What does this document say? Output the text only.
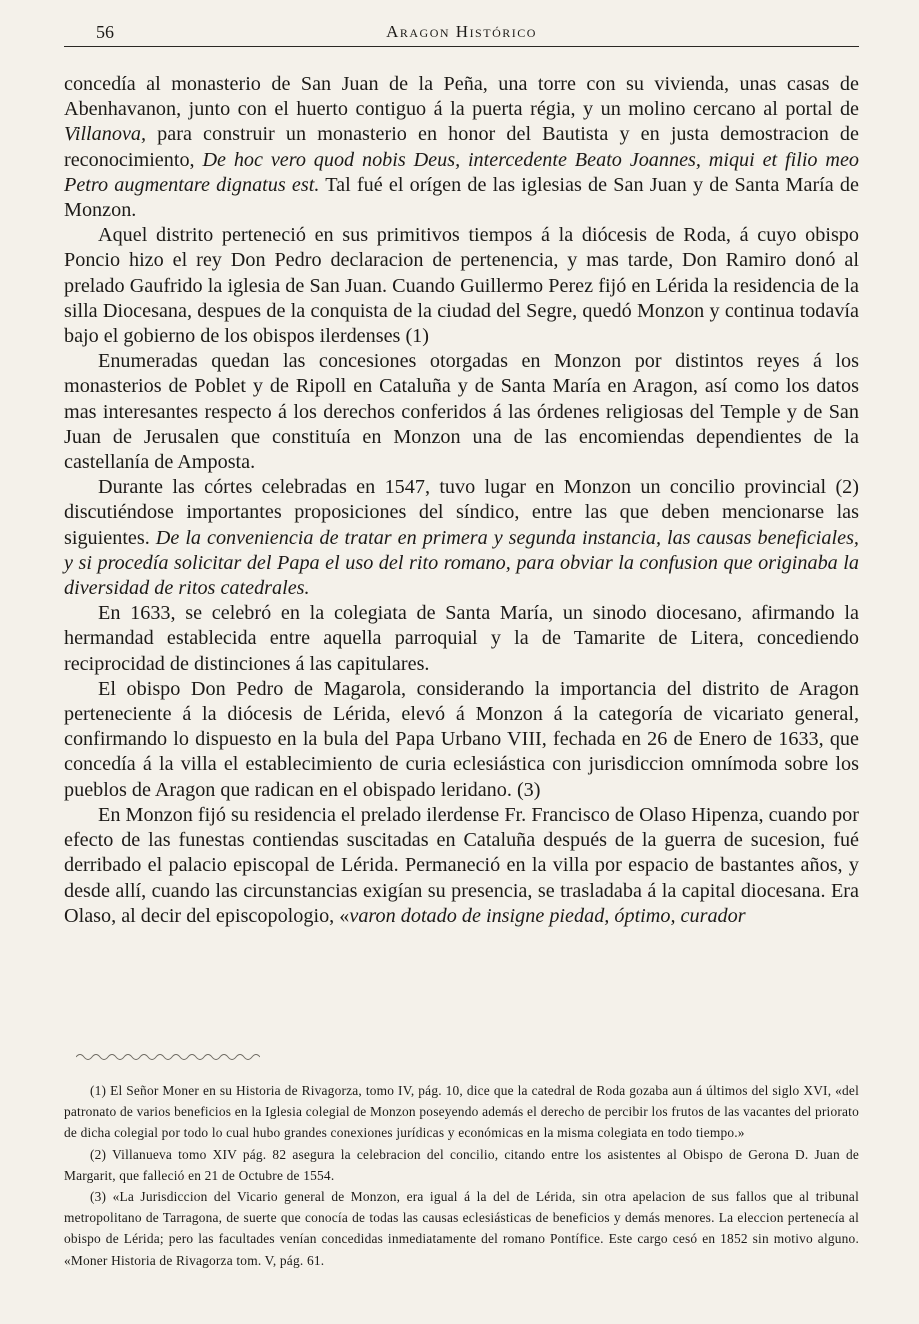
56	Aragon Histórico

concedía al monasterio de San Juan de la Peña, una torre con su vivienda, unas casas de Abenhavanon, junto con el huerto contiguo á la puerta régia, y un molino cercano al portal de Villanova, para construir un monasterio en honor del Bautista y en justa demostracion de reconocimiento, De hoc vero quod nobis Deus, intercedente Beato Joannes, miqui et filio meo Petro augmentare dignatus est. Tal fué el orígen de las iglesias de San Juan y de Santa María de Monzon.

Aquel distrito perteneció en sus primitivos tiempos á la diócesis de Roda, á cuyo obispo Poncio hizo el rey Don Pedro declaracion de pertenencia, y mas tarde, Don Ramiro donó al prelado Gaufrido la iglesia de San Juan. Cuando Guillermo Perez fijó en Lérida la residencia de la silla Diocesana, despues de la conquista de la ciudad del Segre, quedó Monzon y continua todavía bajo el gobierno de los obispos ilerdenses (1)

Enumeradas quedan las concesiones otorgadas en Monzon por distintos reyes á los monasterios de Poblet y de Ripoll en Cataluña y de Santa María en Aragon, así como los datos mas interesantes respecto á los derechos conferidos á las órdenes religiosas del Temple y de San Juan de Jerusalen que constituía en Monzon una de las encomiendas dependientes de la castellanía de Amposta.

Durante las córtes celebradas en 1547, tuvo lugar en Monzon un concilio provincial (2) discutiéndose importantes proposiciones del síndico, entre las que deben mencionarse las siguientes. De la conveniencia de tratar en primera y segunda instancia, las causas beneficiales, y si procedía solicitar del Papa el uso del rito romano, para obviar la confusion que originaba la diversidad de ritos catedrales.

En 1633, se celebró en la colegiata de Santa María, un sinodo diocesano, afirmando la hermandad establecida entre aquella parroquial y la de Tamarite de Litera, concediendo reciprocidad de distinciones á las capitulares.

El obispo Don Pedro de Magarola, considerando la importancia del distrito de Aragon perteneciente á la diócesis de Lérida, elevó á Monzon á la categoría de vicariato general, confirmando lo dispuesto en la bula del Papa Urbano VIII, fechada en 26 de Enero de 1633, que concedía á la villa el establecimiento de curia eclesiástica con jurisdiccion omnímoda sobre los pueblos de Aragon que radican en el obispado leridano. (3)

En Monzon fijó su residencia el prelado ilerdense Fr. Francisco de Olaso Hipenza, cuando por efecto de las funestas contiendas suscitadas en Cataluña después de la guerra de sucesion, fué derribado el palacio episcopal de Lérida. Permaneció en la villa por espacio de bastantes años, y desde allí, cuando las circunstancias exigían su presencia, se trasladaba á la capital diocesana. Era Olaso, al decir del episcopologio, «varon dotado de insigne piedad, óptimo, curador

(1) El Señor Moner en su Historia de Rivagorza, tomo IV, pág. 10, dice que la catedral de Roda gozaba aun á últimos del siglo XVI, «del patronato de varios beneficios en la Iglesia colegial de Monzon poseyendo además el derecho de percibir los frutos de las vacantes del priorato de dicha colegial por todo lo cual hubo grandes conexiones jurídicas y económicas en la misma colegiata en todo tiempo.»

(2) Villanueva tomo XIV pág. 82 asegura la celebracion del concilio, citando entre los asistentes al Obispo de Gerona D. Juan de Margarit, que falleció en 21 de Octubre de 1554.

(3) «La Jurisdiccion del Vicario general de Monzon, era igual á la del de Lérida, sin otra apelacion de sus fallos que al tribunal metropolitano de Tarragona, de suerte que conocía de todas las causas eclesiásticas de beneficios y demás menores. La eleccion pertenecía al obispo de Lérida; pero las facultades venían concedidas inmediatamente del romano Pontífice. Este cargo cesó en 1852 sin motivo alguno. «Moner Historia de Rivagorza tom. V, pág. 61.
